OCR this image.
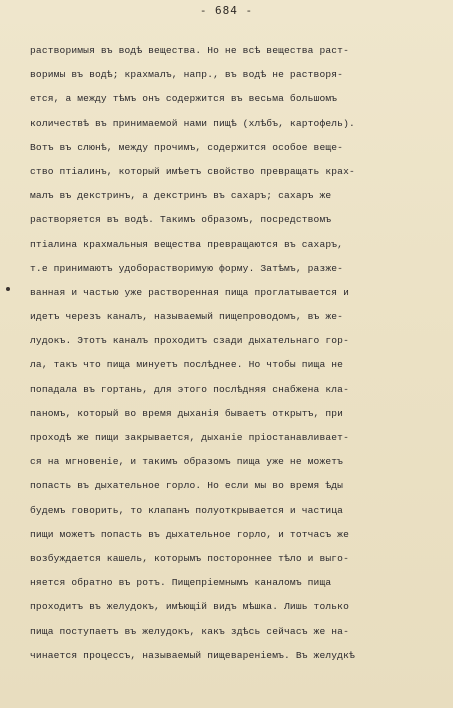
- 684 -
растворимыя въ водѣ вещества. Но не всѣ вещества раст-
воримы въ водѣ; крахмалъ, напр., въ водѣ не растворя-
ется, а между тѣмъ онъ содержится въ весьма большомъ
количествѣ въ принимаемой нами пищѣ (хлѣбъ, картофель).
Вотъ въ слюнѣ, между прочимъ, содержится особое веще-
ство птіалинъ, который имѣетъ свойство превращать крах-
малъ въ декстринъ, а декстринъ въ сахаръ; сахаръ же
растворяется въ водѣ. Такимъ образомъ, посредствомъ
птіалина крахмальныя вещества превращаются въ сахаръ,
т.е принимаютъ удоборастворимую форму. Затѣмъ, разже-
ванная и частью уже растворенная пища проглатывается и
идетъ черезъ каналъ, называемый пищепроводомъ, въ же-
лудокъ. Этотъ каналъ проходитъ сзади дыхательнаго гор-
ла, такъ что пища минуетъ послѣднее. Но чтобы пища не
попадала въ гортань, для этого послѣдняя снабжена кла-
паномъ, который во время дыханія бываетъ открытъ, при
проходѣ же пищи закрывается, дыханіе пріостанавливает-
ся на мгновеніе, и такимъ образомъ пища уже не можетъ
попасть въ дыхательное горло. Но если мы во время ѣды
будемъ говорить, то клапанъ полуоткрывается и частица
пищи можетъ попасть въ дыхательное горло, и тотчасъ же
возбуждается кашель, которымъ постороннее тѣло и выго-
няется обратно въ ротъ. Пищепріемнымъ каналомъ пища
проходитъ въ желудокъ, имѣющій видъ мѣшка. Лишь только
пища поступаетъ въ желудокъ, какъ здѣсь сейчасъ же на-
чинается процессъ, называемый пищевареніемъ. Въ желудкѣ
